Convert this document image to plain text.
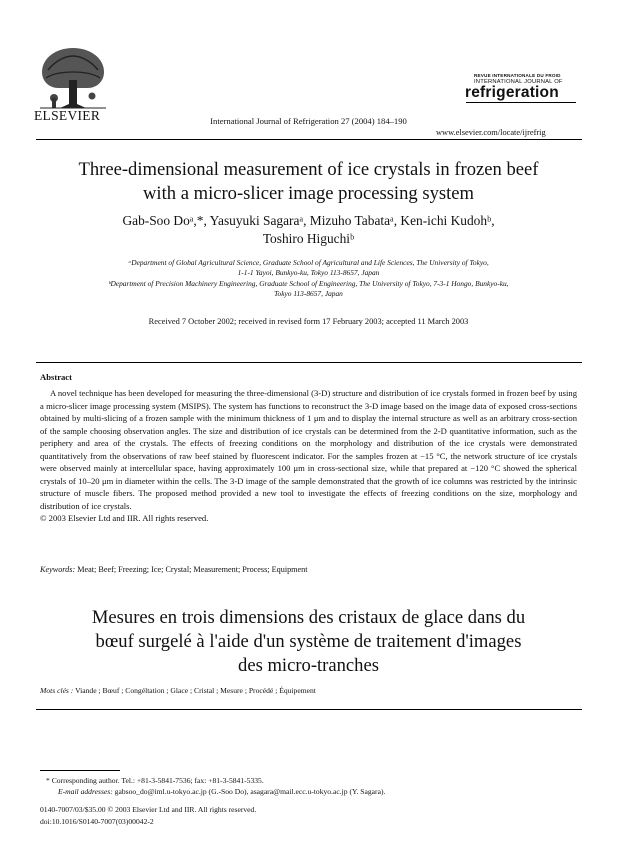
ELSEVIER	International Journal of Refrigeration 27 (2004) 184–190
REVUE INTERNATIONALE DU FROID
INTERNATIONAL JOURNAL OF
refrigeration
www.elsevier.com/locate/ijrefrig
Three-dimensional measurement of ice crystals in frozen beef
with a micro-slicer image processing system
Gab-Soo Doᵃ,*, Yasuyuki Sagaraᵃ, Mizuho Tabataᵃ, Ken-ichi Kudohᵇ,
Toshiro Higuchiᵇ
ᵃDepartment of Global Agricultural Science, Graduate School of Agricultural and Life Sciences, The University of Tokyo,
1-1-1 Yayoi, Bunkyo-ku, Tokyo 113-8657, Japan
ᵇDepartment of Precision Machinery Engineering, Graduate School of Engineering, The University of Tokyo, 7-3-1 Hongo, Bunkyo-ku,
Tokyo 113-8657, Japan
Received 7 October 2002; received in revised form 17 February 2003; accepted 11 March 2003
Abstract
A novel technique has been developed for measuring the three-dimensional (3-D) structure and distribution of ice crystals formed in frozen beef by using a micro-slicer image processing system (MSIPS). The system has functions to reconstruct the 3-D image based on the image data of exposed cross-sections obtained by multi-slicing of a frozen sample with the minimum thickness of 1 μm and to display the internal structure as well as an arbitrary cross-section of the sample choosing observation angles. The size and distribution of ice crystals can be determined from the 2-D quantitative information, such as the periphery and area of the crystals. The effects of freezing conditions on the morphology and distribution of the ice crystals were demonstrated quantitatively from the observations of raw beef stained by fluorescent indicator. For the samples frozen at −15 °C, the network structure of ice crystals were observed mainly at intercellular space, having approximately 100 μm in cross-sectional size, while that prepared at −120 °C showed the spherical crystals of 10–20 μm in diameter within the cells. The 3-D image of the sample demonstrated that the growth of ice columns was restricted by the intrinsic structure of muscle fibers. The proposed method provided a new tool to investigate the effects of freezing conditions on the size, morphology and distribution of ice crystals.
© 2003 Elsevier Ltd and IIR. All rights reserved.
Keywords: Meat; Beef; Freezing; Ice; Crystal; Measurement; Process; Equipment
Mesures en trois dimensions des cristaux de glace dans du
bœuf surgelé à l'aide d'un système de traitement d'images
des micro-tranches
Mots clés : Viande ; Bœuf ; Congéltation ; Glace ; Cristal ; Mesure ; Procédé ; Équipement
* Corresponding author. Tel.: +81-3-5841-7536; fax: +81-3-5841-5335.
E-mail addresses: gabsoo_do@iml.u-tokyo.ac.jp (G.-Soo Do), asagara@mail.ecc.u-tokyo.ac.jp (Y. Sagara).
0140-7007/03/$35.00 © 2003 Elsevier Ltd and IIR. All rights reserved.
doi:10.1016/S0140-7007(03)00042-2
